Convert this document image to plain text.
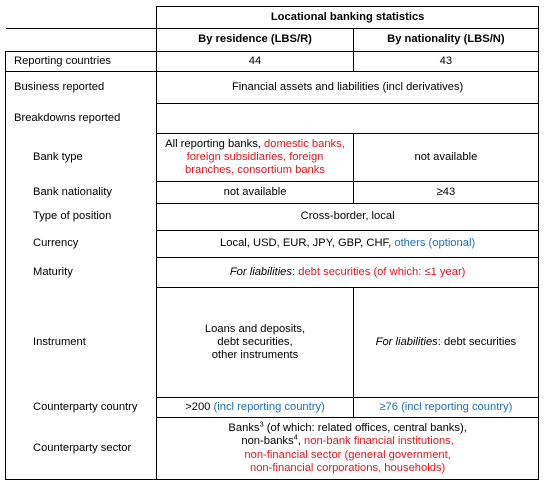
	Locational banking statistics	
	By residence (LBS/R)	By nationality (LBS/N)
Reporting countries	44	43
Business reported	Financial assets and liabilities (incl derivatives)	
Breakdowns reported		
Bank type	All reporting banks, domestic banks, foreign subsidiaries, foreign branches, consortium banks	not available
Bank nationality	not available	≥43
Type of position	Cross-border, local	
Currency	Local, USD, EUR, JPY, GBP, CHF, others (optional)	
Maturity	For liabilities: debt securities (of which: ≤1 year)	
Instrument	Loans and deposits,
debt securities,
other instruments	For liabilities: debt securities
Counterparty country	>200 (incl reporting country)	≥76 (incl reporting country)
Counterparty sector	Banks$^3$ (of which: related offices, central banks),
non-banks$^4$, non-bank financial institutions,
non-financial sector (general government,
non-financial corporations, households)	
